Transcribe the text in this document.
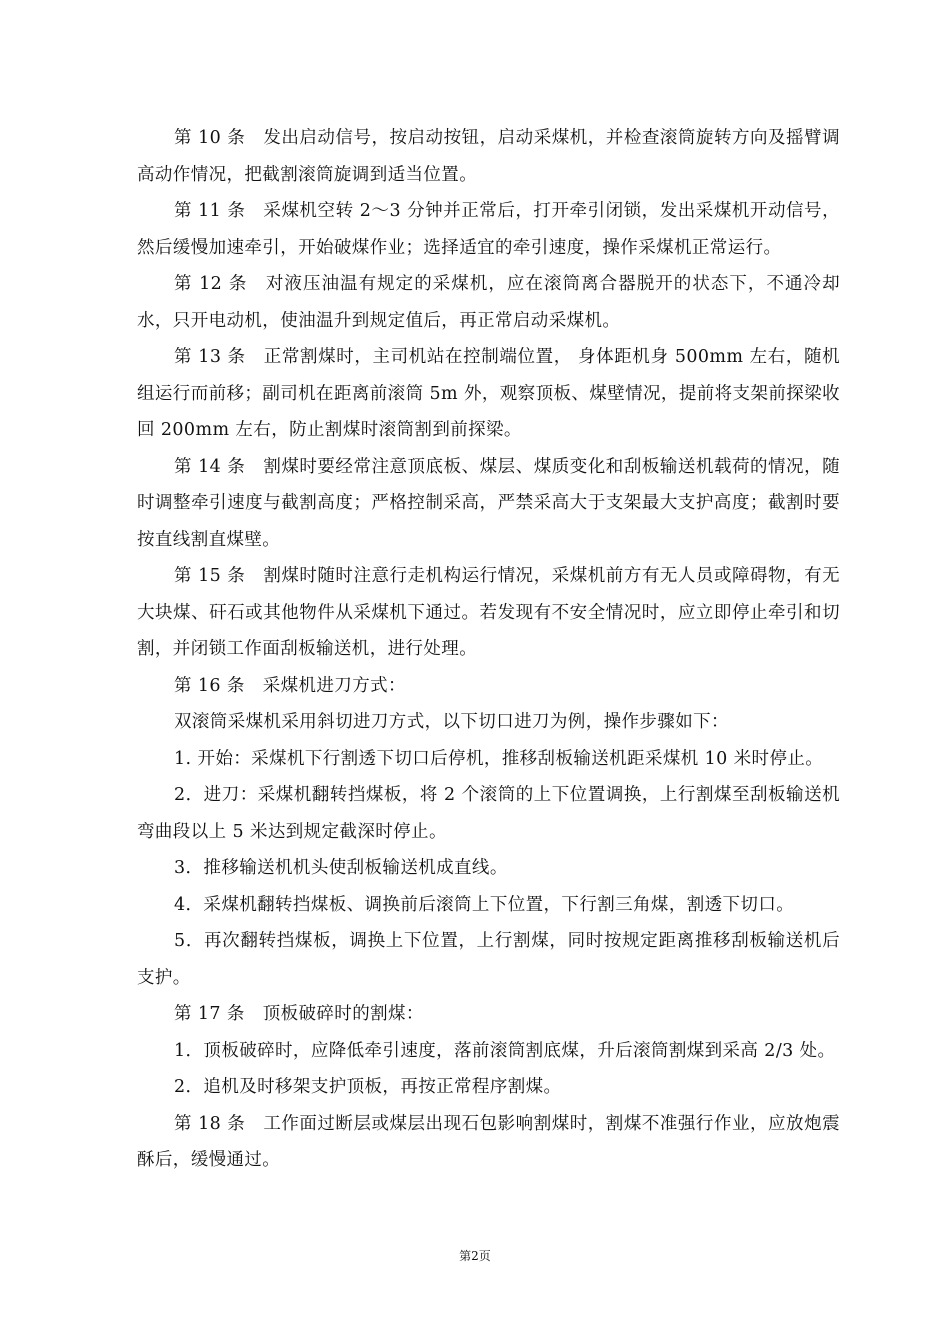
第 10 条　发出启动信号，按启动按钮，启动采煤机，并检查滚筒旋转方向及摇臂调高动作情况，把截割滚筒旋调到适当位置。

第 11 条　采煤机空转 2～3 分钟并正常后，打开牵引闭锁，发出采煤机开动信号，然后缓慢加速牵引，开始破煤作业；选择适宜的牵引速度，操作采煤机正常运行。

第 12 条　对液压油温有规定的采煤机，应在滚筒离合器脱开的状态下，不通冷却水，只开电动机，使油温升到规定值后，再正常启动采煤机。

第 13 条　正常割煤时，主司机站在控制端位置， 身体距机身 500mm 左右，随机组运行而前移；副司机在距离前滚筒 5m 外，观察顶板、煤壁情况，提前将支架前探梁收回 200mm 左右，防止割煤时滚筒割到前探梁。

第 14 条　割煤时要经常注意顶底板、煤层、煤质变化和刮板输送机载荷的情况，随时调整牵引速度与截割高度；严格控制采高，严禁采高大于支架最大支护高度；截割时要按直线割直煤壁。

第 15 条　割煤时随时注意行走机构运行情况，采煤机前方有无人员或障碍物，有无大块煤、矸石或其他物件从采煤机下通过。若发现有不安全情况时，应立即停止牵引和切割，并闭锁工作面刮板输送机，进行处理。

第 16 条　采煤机进刀方式：

双滚筒采煤机采用斜切进刀方式，以下切口进刀为例，操作步骤如下：

1. 开始：采煤机下行割透下切口后停机，推移刮板输送机距采煤机 10 米时停止。

2．进刀：采煤机翻转挡煤板，将 2 个滚筒的上下位置调换，上行割煤至刮板输送机弯曲段以上 5 米达到规定截深时停止。

3．推移输送机机头使刮板输送机成直线。

4．采煤机翻转挡煤板、调换前后滚筒上下位置，下行割三角煤，割透下切口。

5．再次翻转挡煤板，调换上下位置，上行割煤，同时按规定距离推移刮板输送机后支护。

第 17 条　顶板破碎时的割煤：

1．顶板破碎时，应降低牵引速度，落前滚筒割底煤，升后滚筒割煤到采高 2/3 处。

2．追机及时移架支护顶板，再按正常程序割煤。

第 18 条　工作面过断层或煤层出现石包影响割煤时，割煤不准强行作业，应放炮震酥后，缓慢通过。

第2页
